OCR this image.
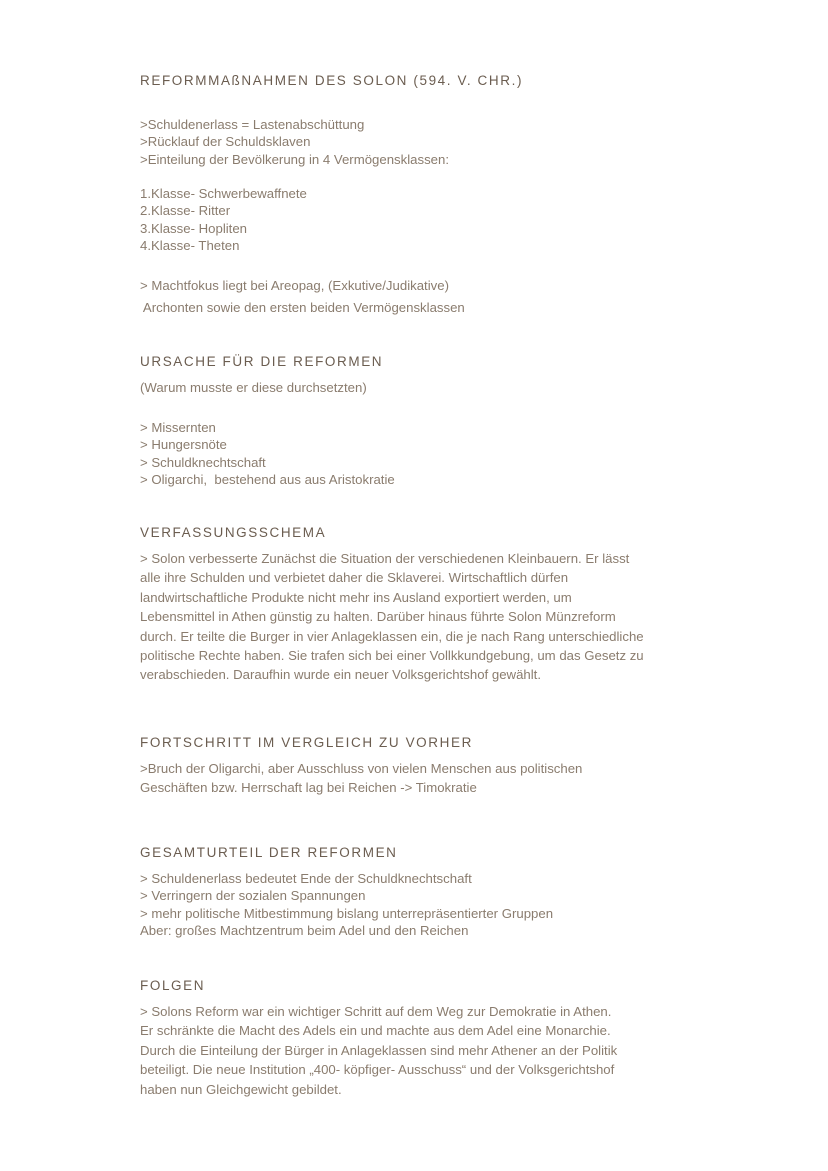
REFORMMAßNAHMEN DES SOLON (594. V. CHR.)

>Schuldenerlass = Lastenabschüttung

>Rücklauf der Schuldsklaven

>Einteilung der Bevölkerung in 4 Vermögensklassen:

1.Klasse- Schwerbewaffnete

2.Klasse- Ritter

3.Klasse- Hopliten

4.Klasse- Theten

> Machtfokus liegt bei Areopag, (Exkutive/Judikative)

Archonten sowie den ersten beiden Vermögensklassen

URSACHE FÜR DIE REFORMEN

(Warum musste er diese durchsetzten)

> Missernten

> Hungersnöte

> Schuldknechtschaft

> Oligarchi,  bestehend aus aus Aristokratie

VERFASSUNGSSCHEMA
> Solon verbesserte Zunächst die Situation der verschiedenen Kleinbauern. Er lässt
alle ihre Schulden und verbietet daher die Sklaverei. Wirtschaftlich dürfen
landwirtschaftliche Produkte nicht mehr ins Ausland exportiert werden, um
Lebensmittel in Athen günstig zu halten. Darüber hinaus führte Solon Münzreform
durch. Er teilte die Burger in vier Anlageklassen ein, die je nach Rang unterschiedliche
politische Rechte haben. Sie trafen sich bei einer Vollkkundgebung, um das Gesetz zu
verabschieden. Daraufhin wurde ein neuer Volksgerichtshof gewählt.
FORTSCHRITT IM VERGLEICH ZU VORHER
>Bruch der Oligarchi, aber Ausschluss von vielen Menschen aus politischen
Geschäften bzw. Herrschaft lag bei Reichen -> Timokratie
GESAMTURTEIL DER REFORMEN

> Schuldenerlass bedeutet Ende der Schuldknechtschaft

> Verringern der sozialen Spannungen

> mehr politische Mitbestimmung bislang unterrepräsentierter Gruppen

Aber: großes Machtzentrum beim Adel und den Reichen

FOLGEN
> Solons Reform war ein wichtiger Schritt auf dem Weg zur Demokratie in Athen.
Er schränkte die Macht des Adels ein und machte aus dem Adel eine Monarchie.
Durch die Einteilung der Bürger in Anlageklassen sind mehr Athener an der Politik
beteiligt. Die neue Institution „400- köpfiger- Ausschuss“ und der Volksgerichtshof
haben nun Gleichgewicht gebildet.
